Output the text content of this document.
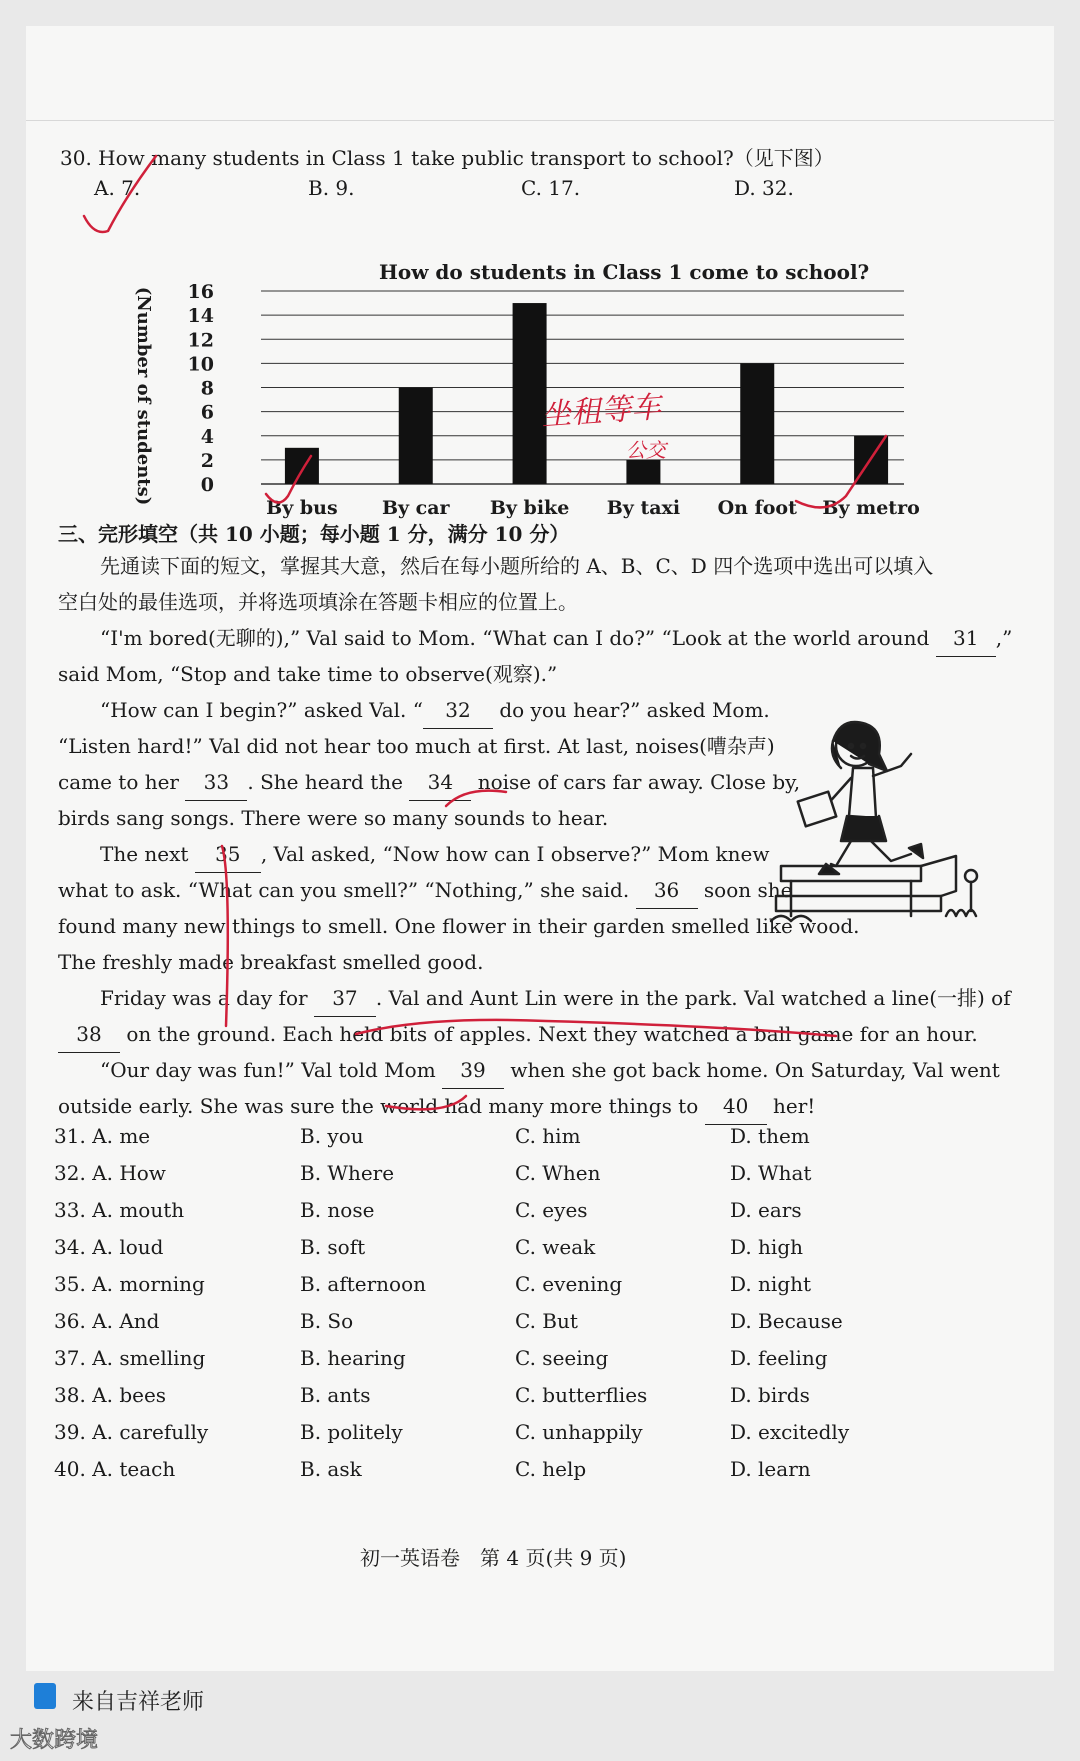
30. How many students in Class 1 take public transport to school?（见下图）
A. 7.	B. 9.	C. 17.	D. 32.
How do students in Class 1 come to school?
(Number of students) 0
2
4
6
8
10
12
14
16
By bus By car By bike By taxi On foot By metro
坐租等车
公交
三、完形填空（共 10 小题；每小题 1 分，满分 10 分）
先通读下面的短文，掌握其大意，然后在每小题所给的 A、B、C、D 四个选项中选出可以填入
空白处的最佳选项，并将选项填涂在答题卡相应的位置上。
“I'm bored(无聊的),” Val said to Mom. “What can I do?” “Look at the world around 31 ,”
said Mom, “Stop and take time to observe(观察).”
“How can I begin?” asked Val. “ 32 do you hear?” asked Mom.
“Listen hard!” Val did not hear too much at first. At last, noises(嘈杂声)
came to her 33 . She heard the 34 noise of cars far away. Close by,
birds sang songs. There were so many sounds to hear.
The next 35 , Val asked, “Now how can I observe?” Mom knew
what to ask. “What can you smell?” “Nothing,” she said. 36 soon she
found many new things to smell. One flower in their garden smelled like wood.
The freshly made breakfast smelled good.
Friday was a day for 37 . Val and Aunt Lin were in the park. Val watched a line(一排) of
38 on the ground. Each held bits of apples. Next they watched a ball game for an hour.
“Our day was fun!” Val told Mom 39 when she got back home. On Saturday, Val went
outside early. She was sure the world had many more things to 40 her!
31. A. me	B. you	C. him	D. them
32. A. How	B. Where	C. When	D. What
33. A. mouth	B. nose	C. eyes	D. ears
34. A. loud	B. soft	C. weak	D. high
35. A. morning	B. afternoon	C. evening	D. night
36. A. And	B. So	C. But	D. Because
37. A. smelling	B. hearing	C. seeing	D. feeling
38. A. bees	B. ants	C. butterflies	D. birds
39. A. carefully	B. politely	C. unhappily	D. excitedly
40. A. teach	B. ask	C. help	D. learn
初一英语卷　第 4 页(共 9 页)
来自吉祥老师
大数跨境
